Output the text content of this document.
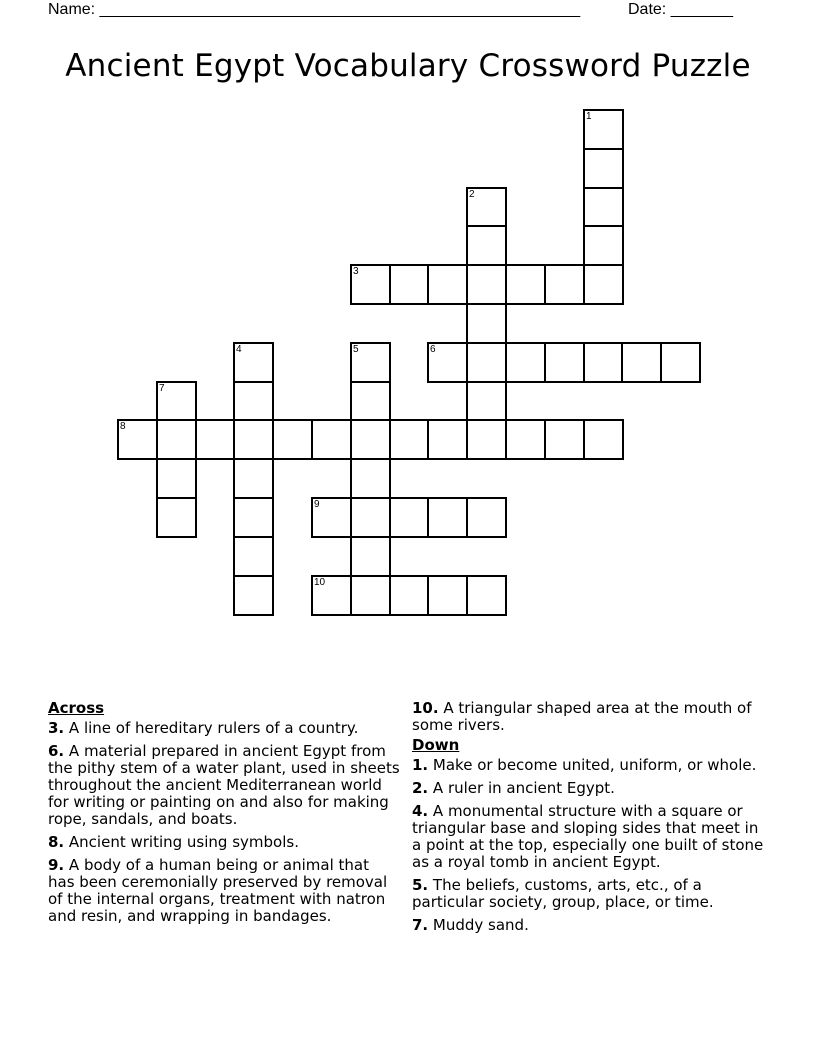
Name: ______________________________________________________	Date: _______
Ancient Egypt Vocabulary Crossword Puzzle
1
2
3
4	5	6
7
8
9
10
Across
3. A line of hereditary rulers of a country.
6. A material prepared in ancient Egypt from the pithy stem of a water plant, used in sheets throughout the ancient Mediterranean world for writing or painting on and also for making rope, sandals, and boats.
8. Ancient writing using symbols.
9. A body of a human being or animal that has been ceremonially preserved by removal of the internal organs, treatment with natron and resin, and wrapping in bandages.
10. A triangular shaped area at the mouth of some rivers.
Down
1. Make or become united, uniform, or whole.
2. A ruler in ancient Egypt.
4. A monumental structure with a square or triangular base and sloping sides that meet in a point at the top, especially one built of stone as a royal tomb in ancient Egypt.
5. The beliefs, customs, arts, etc., of a particular society, group, place, or time.
7. Muddy sand.
